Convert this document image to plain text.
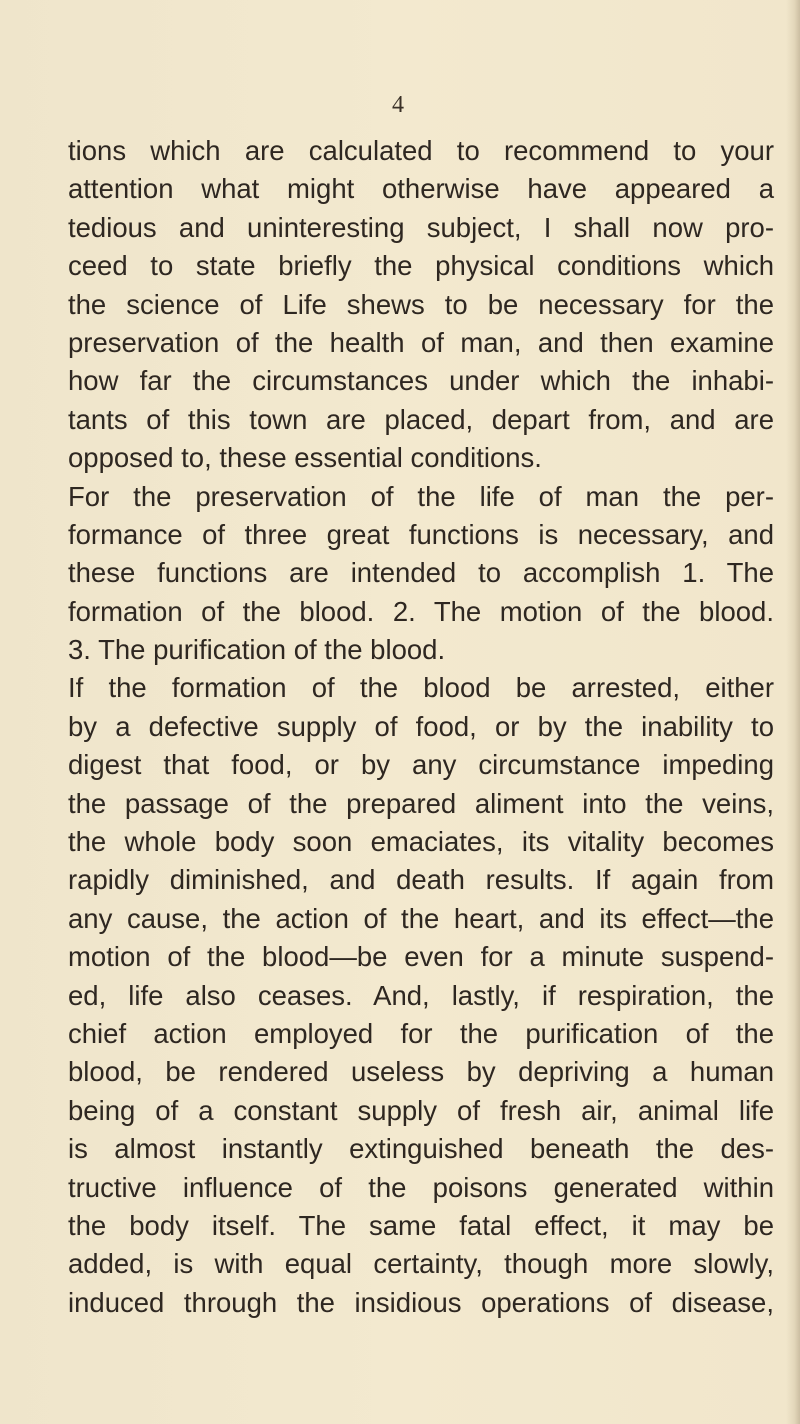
4

tions which are calculated to recommend to your
attention what might otherwise have appeared a
tedious and uninteresting subject, I shall now pro-
ceed to state briefly the physical conditions which
the science of Life shews to be necessary for the
preservation of the health of man, and then examine
how far the circumstances under which the inhabi-
tants of this town are placed, depart from, and are
opposed to, these essential conditions.
For the preservation of the life of man the per-
formance of three great functions is necessary, and
these functions are intended to accomplish 1. The
formation of the blood. 2. The motion of the blood.
3. The purification of the blood.
If the formation of the blood be arrested, either
by a defective supply of food, or by the inability to
digest that food, or by any circumstance impeding
the passage of the prepared aliment into the veins,
the whole body soon emaciates, its vitality becomes
rapidly diminished, and death results. If again from
any cause, the action of the heart, and its effect—the
motion of the blood—be even for a minute suspend-
ed, life also ceases. And, lastly, if respiration, the
chief action employed for the purification of the
blood, be rendered useless by depriving a human
being of a constant supply of fresh air, animal life
is almost instantly extinguished beneath the des-
tructive influence of the poisons generated within
the body itself. The same fatal effect, it may be
added, is with equal certainty, though more slowly,
induced through the insidious operations of disease,
